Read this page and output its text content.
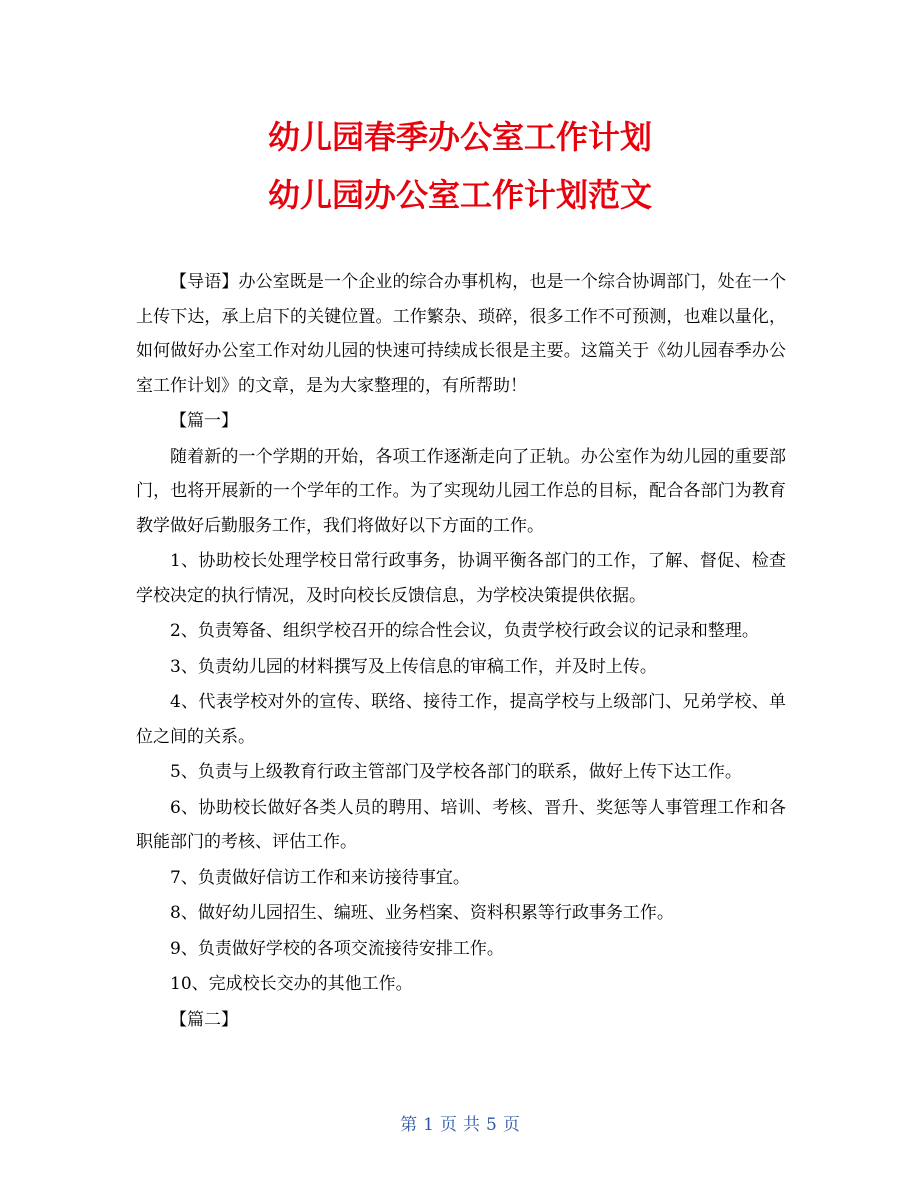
幼儿园春季办公室工作计划
幼儿园办公室工作计划范文

【导语】办公室既是一个企业的综合办事机构，也是一个综合协调部门，处在一个上传下达，承上启下的关键位置。工作繁杂、琐碎，很多工作不可预测，也难以量化，如何做好办公室工作对幼儿园的快速可持续成长很是主要。这篇关于《幼儿园春季办公室工作计划》的文章，是为大家整理的，有所帮助！

【篇一】

随着新的一个学期的开始，各项工作逐渐走向了正轨。办公室作为幼儿园的重要部门，也将开展新的一个学年的工作。为了实现幼儿园工作总的目标，配合各部门为教育教学做好后勤服务工作，我们将做好以下方面的工作。

1、协助校长处理学校日常行政事务，协调平衡各部门的工作，了解、督促、检查学校决定的执行情况，及时向校长反馈信息，为学校决策提供依据。

2、负责筹备、组织学校召开的综合性会议，负责学校行政会议的记录和整理。

3、负责幼儿园的材料撰写及上传信息的审稿工作，并及时上传。

4、代表学校对外的宣传、联络、接待工作，提高学校与上级部门、兄弟学校、单位之间的关系。

5、负责与上级教育行政主管部门及学校各部门的联系，做好上传下达工作。

6、协助校长做好各类人员的聘用、培训、考核、晋升、奖惩等人事管理工作和各职能部门的考核、评估工作。

7、负责做好信访工作和来访接待事宜。

8、做好幼儿园招生、编班、业务档案、资料积累等行政事务工作。

9、负责做好学校的各项交流接待安排工作。

10、完成校长交办的其他工作。

【篇二】

第 1 页 共 5 页
